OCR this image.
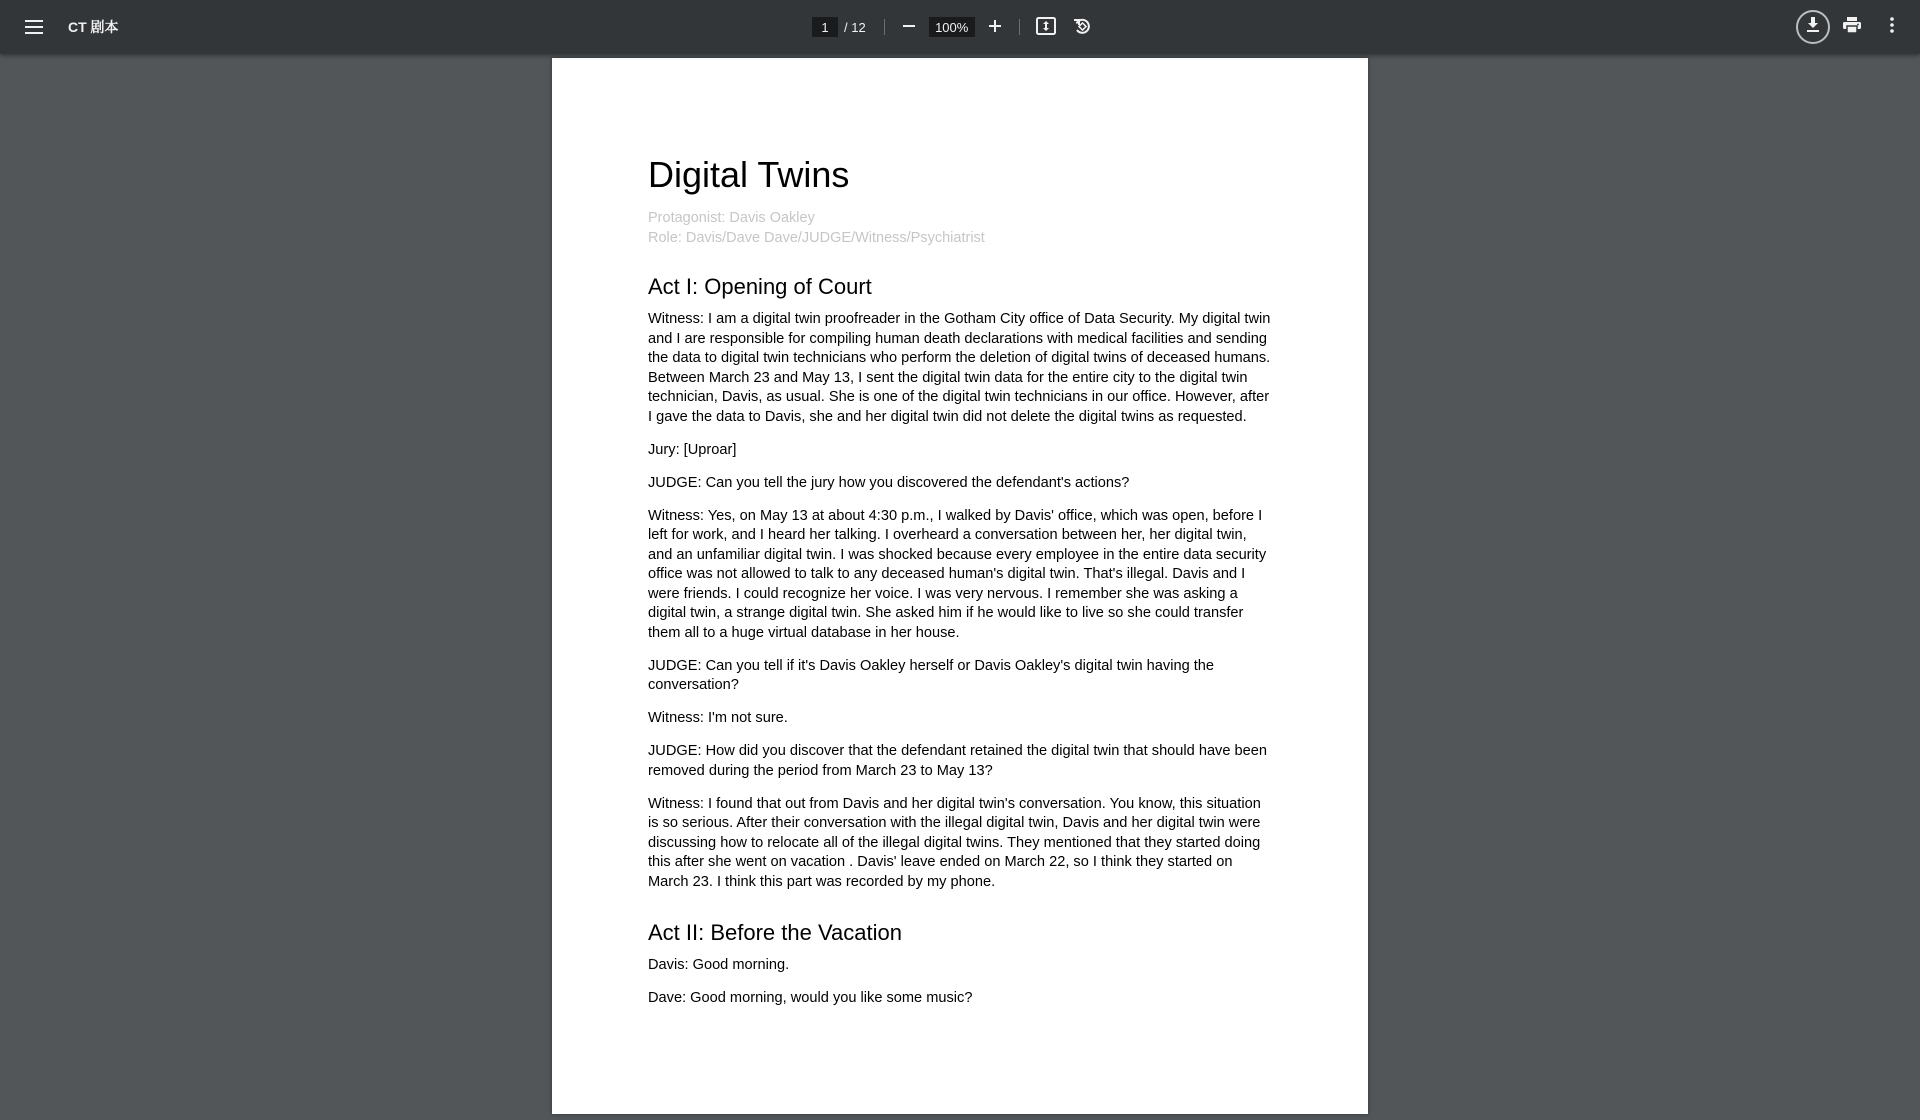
CT 剧本
1	/ 12
100%
Digital Twins
Protagonist: Davis Oakley
Role: Davis/Dave Dave/JUDGE/Witness/Psychiatrist
Act I: Opening of Court

Witness: I am a digital twin proofreader in the Gotham City office of Data Security. My digital twin and I are responsible for compiling human death declarations with medical facilities and sending the data to digital twin technicians who perform the deletion of digital twins of deceased humans. Between March 23 and May 13, I sent the digital twin data for the entire city to the digital twin technician, Davis, as usual. She is one of the digital twin technicians in our office. However, after I gave the data to Davis, she and her digital twin did not delete the digital twins as requested.

Jury: [Uproar]

JUDGE: Can you tell the jury how you discovered the defendant's actions?

Witness: Yes, on May 13 at about 4:30 p.m., I walked by Davis' office, which was open, before I left for work, and I heard her talking. I overheard a conversation between her, her digital twin, and an unfamiliar digital twin. I was shocked because every employee in the entire data security office was not allowed to talk to any deceased human's digital twin. That's illegal. Davis and I were friends. I could recognize her voice. I was very nervous. I remember she was asking a digital twin, a strange digital twin. She asked him if he would like to live so she could transfer them all to a huge virtual database in her house.

JUDGE: Can you tell if it's Davis Oakley herself or Davis Oakley's digital twin having the conversation?

Witness: I'm not sure.

JUDGE: How did you discover that the defendant retained the digital twin that should have been removed during the period from March 23 to May 13?

Witness: I found that out from Davis and her digital twin's conversation. You know, this situation is so serious. After their conversation with the illegal digital twin, Davis and her digital twin were discussing how to relocate all of the illegal digital twins. They mentioned that they started doing this after she went on vacation . Davis' leave ended on March 22, so I think they started on March 23. I think this part was recorded by my phone.

Act II: Before the Vacation

Davis: Good morning.

Dave: Good morning, would you like some music?
